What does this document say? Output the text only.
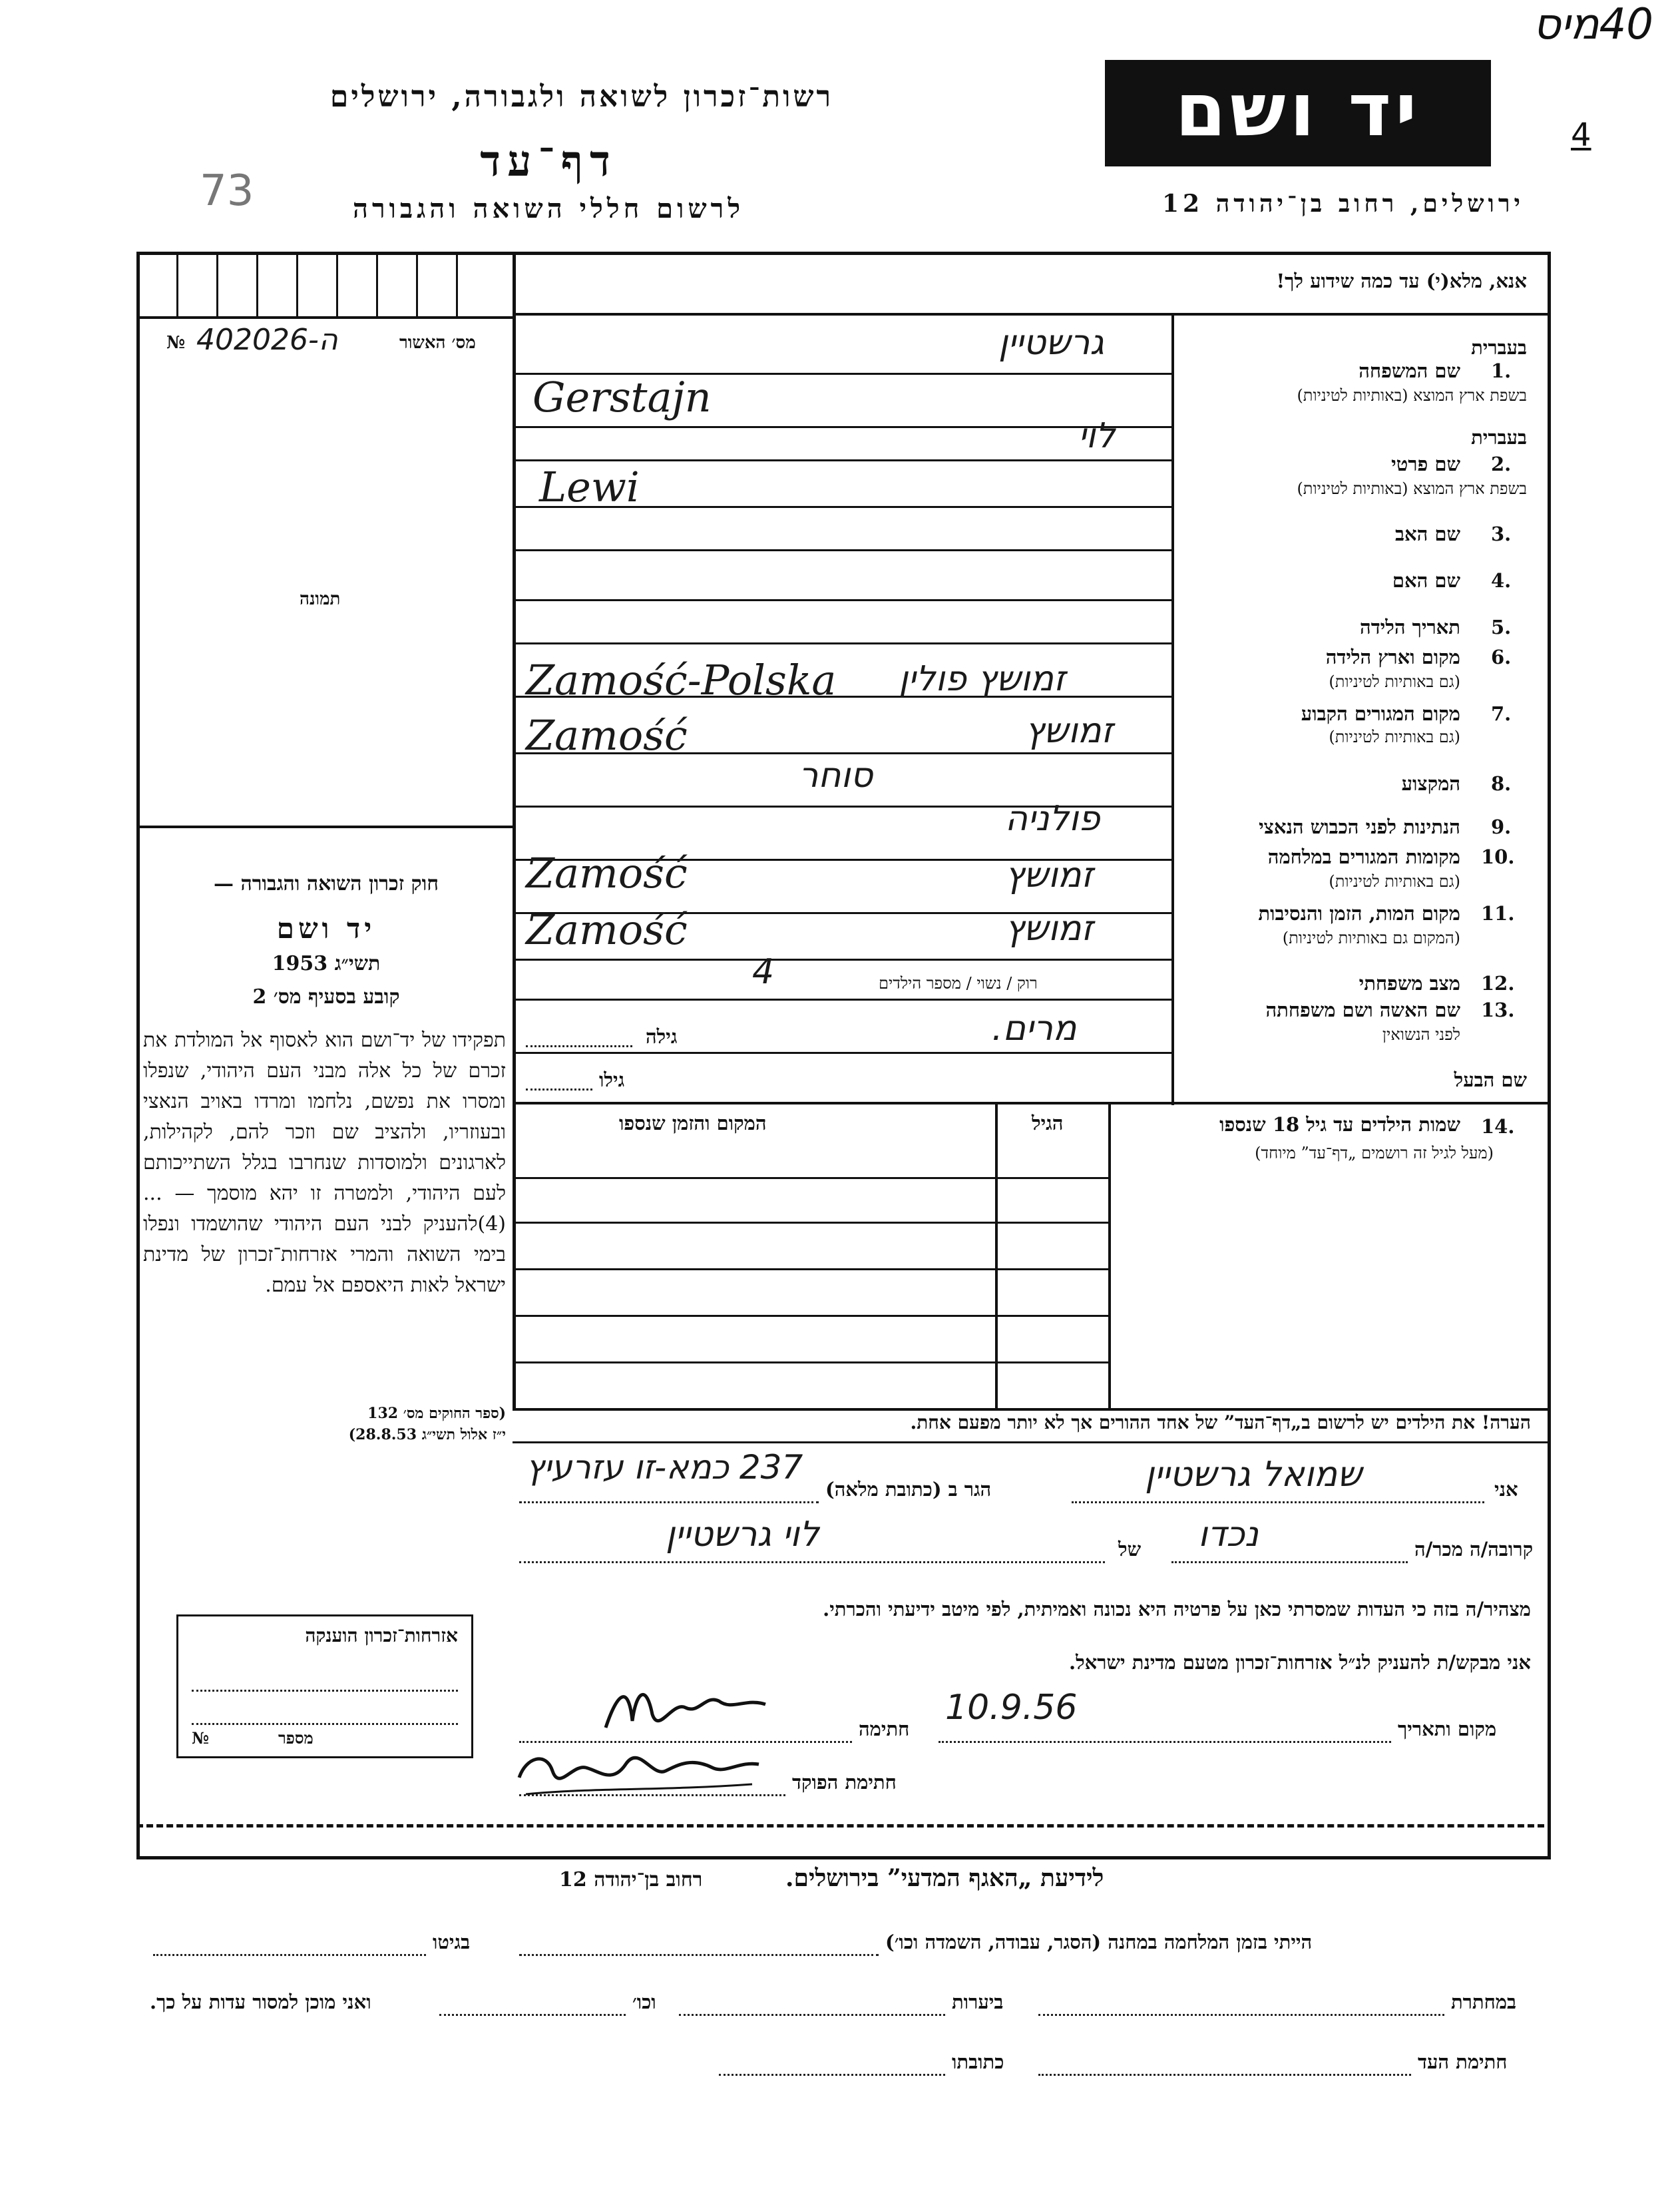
40מיס
4
73
רשות־זכרון לשואה ולגבורה, ירושלים
דף־עד
לרשום חללי השואה והגבורה
יד ושם
ירושלים, רחוב בן־יהודה 12
אנא, מלא(י) עד כמה שידוע לך!
מס׳ האשור
№ 402026-ה
תמונה
חוק זכרון השואה והגבורה —
יד ושם
תשי״ג 1953
קובע בסעיף מס׳ 2
תפקידו של יד־ושם הוא לאסוף אל המולדת את זכרם של כל אלה מבני העם היהודי, שנפלו ומסרו את נפשם, נלחמו ומרדו באויב הנאצי ובעוזריו, ולהציב שם וזכר להם, לקהילות, לארגונים ולמוסדות שנחרבו בגלל השתייכותם לעם היהודי, ולמטרה זו יהא מוסמך — ...(4)להעניק לבני העם היהודי שהושמדו ונפלו בימי השואה והמרי אזרחות־זכרון של מדינת ישראל לאות היאספם אל עמם.
(ספר החוקים מס׳ 132
י״ז אלול תשי״ג 28.8.53)
אזרחות־זכרון הוענקה
מספר
№
בעברית
1.
שם המשפחה
בשפת ארץ המוצא (באותיות לטיניות)
גרשטיין
Gerstajn
בעברית
2.
שם פרטי
בשפת ארץ המוצא (באותיות לטיניות)
לוי
Lewi
3.
שם האב
4.
שם האם
5.
תאריך הלידה
6.
מקום וארץ הלידה
(גם באותיות לטיניות)
זמושץ פולין
Zamość-Polska
7.
מקום המגורים הקבוע
(גם באותיות לטיניות)
זמושץ
Zamość
8.
המקצוע
סוחר
9.
הנתינות לפני הכבוש הנאצי
פולניה
10.
מקומות המגורים במלחמה
(גם באותיות לטיניות)
זמושץ
Zamość
11.
מקום המות, הזמן והנסיבות
(המקום גם באותיות לטיניות)
זמושץ
Zamość
12.
מצב משפחתי
רוק / נשוי / מספר הילדים
4
13.
שם האשה ושם משפחתה
לפני הנשואין
גילה	מרים.
שם הבעל
גילו
14.
שמות הילדים עד גיל 18 שנספו
(מעל לגיל זה רושמים „דף־עד” מיוחד)
הגיל
המקום והזמן שנספו
הערה! את הילדים יש לרשום ב„דף־העד” של אחד ההורים אך לא יותר מפעם אחת.
אני
שמואל גרשטיין
הגר ב (כתובת מלאה)
237 כמא-זו עזרעיץ
קרובה/ה מכר/ה
נכדו
של
לוי גרשטיין
מצהיר/ה בזה כי העדות שמסרתי כאן על פרטיה היא נכונה ואמיתית, לפי מיטב ידיעתי והכרתי.
אני מבקש/ת להעניק לנ״ל אזרחות־זכרון מטעם מדינת ישראל.
מקום ותאריך
10.9.56
חתימה
חתימת הפוקד
לידיעת „האגף המדעי” בירושלים.
רחוב בן־יהודה 12
הייתי בזמן המלחמה במחנה (הסגר, עבודה, השמדה וכו׳)
בגיטו
במחתרת
ביערות
וכו׳
ואני מוכן למסור עדות על כך.
חתימת העד
כתובתו
